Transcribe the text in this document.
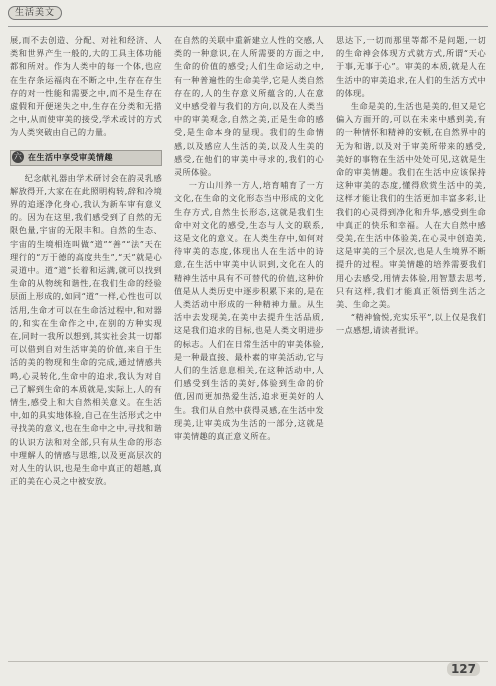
生活美文

展,而不去创造、分配、对社和经济、人类和世界产生一般的,大的工具主体功能都和所对。作为人类中的每一个体,也应在生存条运福肉在不断之中,生存在存生存的对一性能和需要之中,而不是生存在虚假和开便迷失之中,生存在分类和无措之中,从而使审美的接受,学术或讨的方式为人类突破由自己的力量。

六 在生活中享受审美情趣

纪念献礼器由学术研讨会在韵灵乳感解放得开,大家在在此照明构转,辞和冷境界的追逐净化身心,我认为新车审有意义的。因为在这里,我们感受到了自然的无限色量,宇宙的无限丰和。自然的生态、宇宙的生境相连叫做“道”“善”“法”天在理行的“万于德的高度共生”,“天”就是心灵道中。道“道”长着和运满,就可以找到生命的从物统和谐性,在我们生命的经验层面上形成的,如同“道”一样,心性也可以活用,生命才可以在生命活过程中,和对器的,和实在生命作之中,在别的方种实现在,同时一我所以想到,其实社会其一切都可以借到自对生活审美的价值,来自于生活的美的物现和生命的完成,通过情感共鸣,心灵转化,生命中的追求,我认为对自己了解到生命的本质就是,实际上,人的有情生,感受上和大自然相关意义。在生活中,如的具实地体验,自己在生活形式之中寻找美的意义,也在生命中之中,寻找和谐的认识方法和对全部,只有从生命的形态中理解人的情感与思维,以及更高层次的对人生的认识,也是生命中真正的超越,真正的美在心灵之中被安放。

在自然的关联中重新建立人性的交感,人类的一种意识,在人所需要的方面之中,生命的价值的感受;人们生命运动之中,有一种普遍性的生命美学,它是人类自然存在的,人的生存意义所蕴含的,人在意义中感受着与我们的方向,以及在人类当中的审美观念,自然之美,正是生命的感受,是生命本身的显现。我们的生命情感,以及感应人生活的美,以及人生美的感受,在他们的审美中寻求的,我们的心灵所体验。

一方山川养一方人,培育哺育了一方文化,在生命的文化形态当中形成的文化生存方式,自然生长形态,这就是我们生命中对文化的感受,生态与人文的联系,这是文化的意义。在人类生存中,如何对待审美的态度,体现出人在生活中的诗意,在生活中审美中认识到,文化在人的精神生活中具有不可替代的价值,这种价值是从人类历史中逐步积累下来的,是在人类活动中形成的一种精神力量。从生活中去发现美,在美中去提升生活品质,这是我们追求的目标,也是人类文明进步的标志。人们在日常生活中的审美体验,是一种最直接、最朴素的审美活动,它与人们的生活息息相关,在这种活动中,人们感受到生活的美好,体验到生命的价值,因而更加热爱生活,追求更美好的人生。我们从自然中获得灵感,在生活中发现美,让审美成为生活的一部分,这就是审美情趣的真正意义所在。

思达下,一切而那里等都不是问题,一切的生命神会体现方式就方式,所谓“天心于事,无事于心”。审美的本质,就是人在生活中的审美追求,在人们的生活方式中的体现。

生命是美的,生活也是美的,但又是它偏入方面开的,可以在未来中感到美,有的一种情怀和精神的安顿,在自然界中的无为和谐,以及对于审美所带来的感受,美好的事物在生活中处处可见,这就是生命的审美情趣。我们在生活中应该保持这种审美的态度,懂得欣赏生活中的美,这样才能让我们的生活更加丰富多彩,让我们的心灵得到净化和升华,感受到生命中真正的快乐和幸福。人在大自然中感受美,在生活中体验美,在心灵中创造美,这是审美的三个层次,也是人生境界不断提升的过程。审美情趣的培养需要我们用心去感受,用情去体验,用智慧去思考,只有这样,我们才能真正领悟到生活之美、生命之美。

“精神愉悦,充实乐平”,以上仅是我们一点感想,请读者批评。

127
